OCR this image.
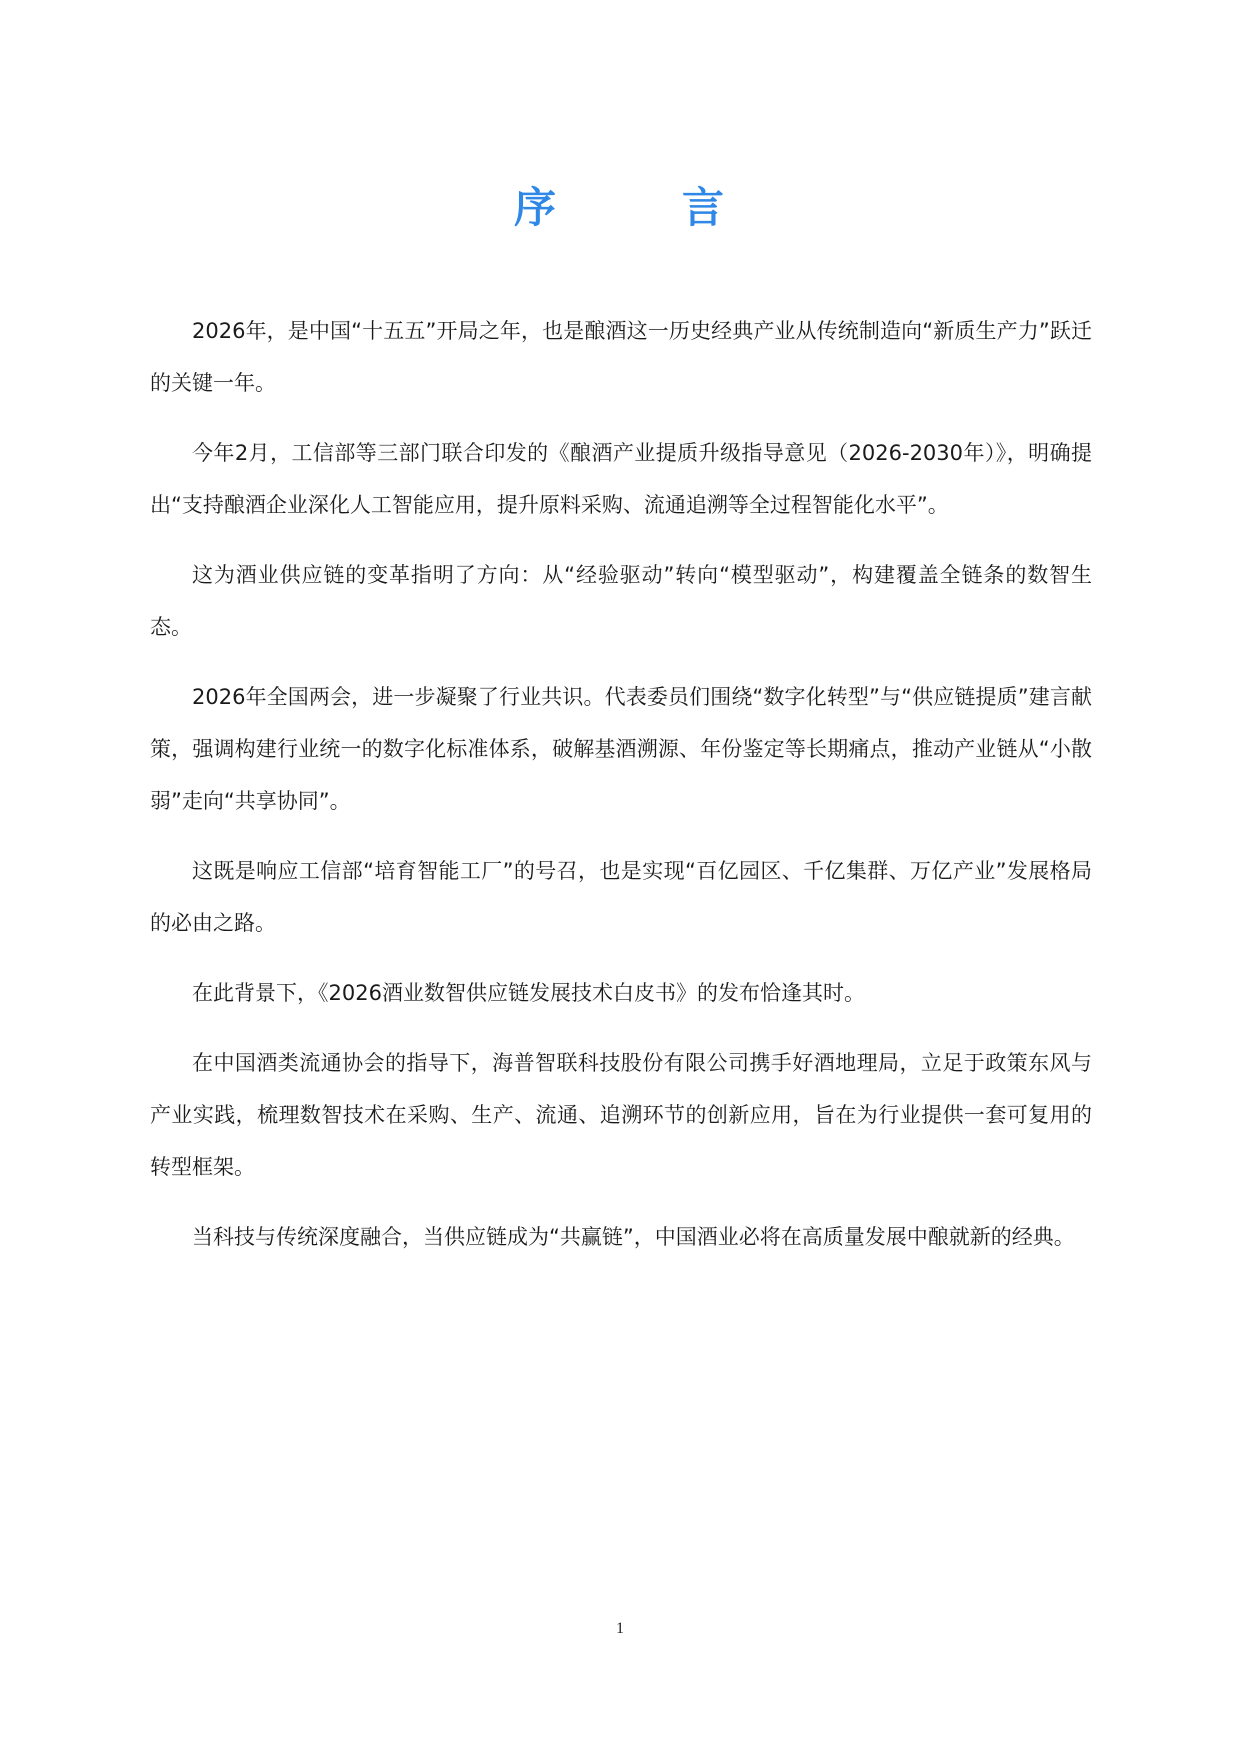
序	言

2026年，是中国“十五五”开局之年，也是酿酒这一历史经典产业从传统制造向“新质生产力”跃迁的关键一年。

今年2月，工信部等三部门联合印发的《酿酒产业提质升级指导意见（2026-2030年）》，明确提出“支持酿酒企业深化人工智能应用，提升原料采购、流通追溯等全过程智能化水平”。

这为酒业供应链的变革指明了方向：从“经验驱动”转向“模型驱动”，构建覆盖全链条的数智生态。

2026年全国两会，进一步凝聚了行业共识。代表委员们围绕“数字化转型”与“供应链提质”建言献策，强调构建行业统一的数字化标准体系，破解基酒溯源、年份鉴定等长期痛点，推动产业链从“小散弱”走向“共享协同”。

这既是响应工信部“培育智能工厂”的号召，也是实现“百亿园区、千亿集群、万亿产业”发展格局的必由之路。

在此背景下，《2026酒业数智供应链发展技术白皮书》的发布恰逢其时。

在中国酒类流通协会的指导下，海普智联科技股份有限公司携手好酒地理局，立足于政策东风与产业实践，梳理数智技术在采购、生产、流通、追溯环节的创新应用，旨在为行业提供一套可复用的转型框架。

当科技与传统深度融合，当供应链成为“共赢链”，中国酒业必将在高质量发展中酿就新的经典。

1
